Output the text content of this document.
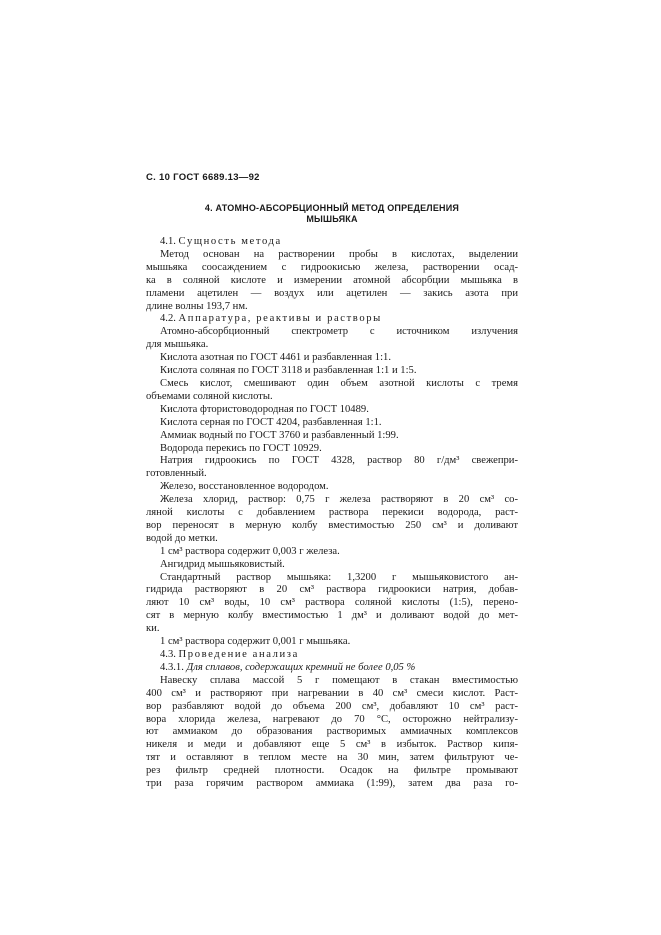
С. 10 ГОСТ 6689.13—92
4. АТОМНО-АБСОРБЦИОННЫЙ МЕТОД ОПРЕДЕЛЕНИЯ
МЫШЬЯКА
4.1. Сущность метода
Метод основан на растворении пробы в кислотах, выделении
мышьяка соосаждением с гидроокисью железа, растворении осад-
ка в соляной кислоте и измерении атомной абсорбции мышьяка в
пламени ацетилен — воздух или ацетилен — закись азота при
длине волны 193,7 нм.
4.2. Аппаратура, реактивы и растворы
Атомно-абсорбционный спектрометр с источником излучения
для мышьяка.
Кислота азотная по ГОСТ 4461 и разбавленная 1:1.
Кислота соляная по ГОСТ 3118 и разбавленная 1:1 и 1:5.
Смесь кислот, смешивают один объем азотной кислоты с тремя
объемами соляной кислоты.
Кислота фтористоводородная по ГОСТ 10489.
Кислота серная по ГОСТ 4204, разбавленная 1:1.
Аммиак водный по ГОСТ 3760 и разбавленный 1:99.
Водорода перекись по ГОСТ 10929.
Натрия гидроокись по ГОСТ 4328, раствор 80 г/дм³ свежепри-
готовленный.
Железо, восстановленное водородом.
Железа хлорид, раствор: 0,75 г железа растворяют в 20 см³ со-
ляной кислоты с добавлением раствора перекиси водорода, раст-
вор переносят в мерную колбу вместимостью 250 см³ и доливают
водой до метки.
1 см³ раствора содержит 0,003 г железа.
Ангидрид мышьяковистый.
Стандартный раствор мышьяка: 1,3200 г мышьяковистого ан-
гидрида растворяют в 20 см³ раствора гидроокиси натрия, добав-
ляют 10 см³ воды, 10 см³ раствора соляной кислоты (1:5), перено-
сят в мерную колбу вместимостью 1 дм³ и доливают водой до мет-
ки.
1 см³ раствора содержит 0,001 г мышьяка.
4.3. Проведение анализа
4.3.1. Для сплавов, содержащих кремний не более 0,05 %
Навеску сплава массой 5 г помещают в стакан вместимостью
400 см³ и растворяют при нагревании в 40 см³ смеси кислот. Раст-
вор разбавляют водой до объема 200 см³, добавляют 10 см³ раст-
вора хлорида железа, нагревают до 70 °С, осторожно нейтрализу-
ют аммиаком до образования растворимых аммиачных комплексов
никеля и меди и добавляют еще 5 см³ в избыток. Раствор кипя-
тят и оставляют в теплом месте на 30 мин, затем фильтруют че-
рез фильтр средней плотности. Осадок на фильтре промывают
три раза горячим раствором аммиака (1:99), затем два раза го-
